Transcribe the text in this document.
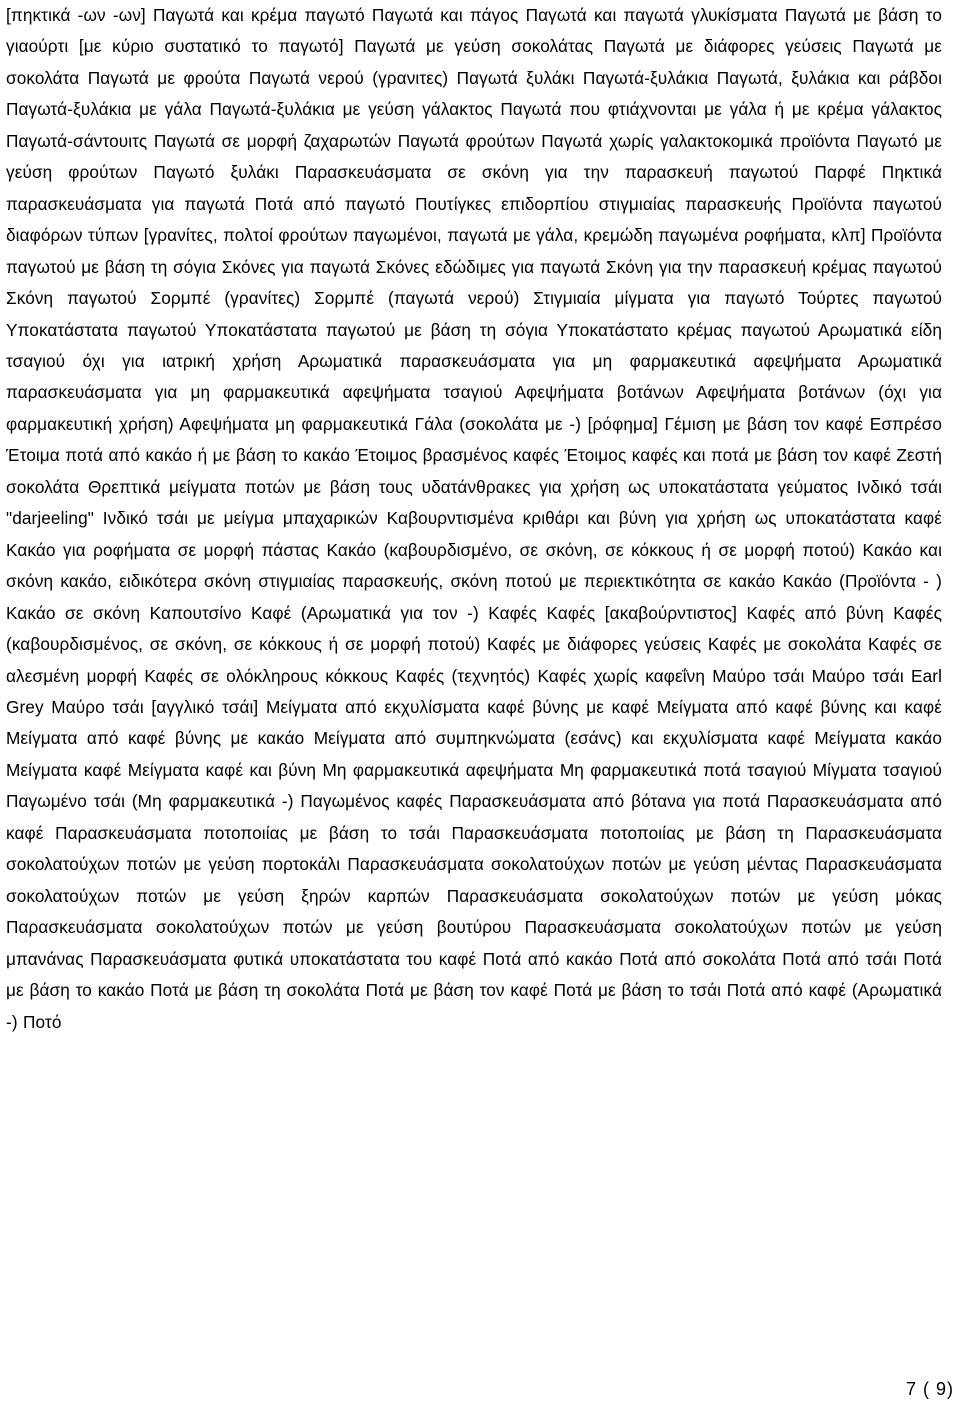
[πηκτικά -ων -ων] Παγωτά και κρέμα παγωτό Παγωτά και πάγος Παγωτά και παγωτά γλυκίσματα Παγωτά με βάση το γιαούρτι [με κύριο συστατικό το παγωτό] Παγωτά με γεύση σοκολάτας Παγωτά με διάφορες γεύσεις Παγωτά με σοκολάτα Παγωτά με φρούτα Παγωτά νερού (γρανιτες) Παγωτά ξυλάκι Παγωτά-ξυλάκια Παγωτά, ξυλάκια και ράβδοι Παγωτά-ξυλάκια με γάλα Παγωτά-ξυλάκια με γεύση γάλακτος Παγωτά που φτιάχνονται με γάλα ή με κρέμα γάλακτος Παγωτά-σάντουιτς Παγωτά σε μορφή ζαχαρωτών Παγωτά φρούτων Παγωτά χωρίς γαλακτοκομικά προϊόντα Παγωτό με γεύση φρούτων Παγωτό ξυλάκι Παρασκευάσματα σε σκόνη για την παρασκευή παγωτού Παρφέ Πηκτικά παρασκευάσματα για παγωτά Ποτά από παγωτό Πουτίγκες επιδορπίου στιγμιαίας παρασκευής Προϊόντα παγωτού διαφόρων τύπων [γρανίτες, πολτοί φρούτων παγωμένοι, παγωτά με γάλα, κρεμώδη παγωμένα ροφήματα, κλπ] Προϊόντα παγωτού με βάση τη σόγια Σκόνες για παγωτά Σκόνες εδώδιμες για παγωτά Σκόνη για την παρασκευή κρέμας παγωτού Σκόνη παγωτού Σορμπέ (γρανίτες) Σορμπέ (παγωτά νερού) Στιγμιαία μίγματα για παγωτό Τούρτες παγωτού Υποκατάστατα παγωτού Υποκατάστατα παγωτού με βάση τη σόγια Υποκατάστατο κρέμας παγωτού Αρωματικά είδη τσαγιού όχι για ιατρική χρήση Αρωματικά παρασκευάσματα για μη φαρμακευτικά αφεψήματα Αρωματικά παρασκευάσματα για μη φαρμακευτικά αφεψήματα τσαγιού Αφεψήματα βοτάνων Αφεψήματα βοτάνων (όχι για φαρμακευτική χρήση) Αφεψήματα μη φαρμακευτικά Γάλα (σοκολάτα με -) [ρόφημα] Γέμιση με βάση τον καφέ Εσπρέσο Έτοιμα ποτά από κακάο ή με βάση το κακάο Έτοιμος βρασμένος καφές Έτοιμος καφές και ποτά με βάση τον καφέ Ζεστή σοκολάτα Θρεπτικά μείγματα ποτών με βάση τους υδατάνθρακες για χρήση ως υποκατάστατα γεύματος Ινδικό τσάι "darjeeling" Ινδικό τσάι με μείγμα μπαχαρικών Καβουρντισμένα κριθάρι και βύνη για χρήση ως υποκατάστατα καφέ Κακάο για ροφήματα σε μορφή πάστας Κακάο (καβουρδισμένο, σε σκόνη, σε κόκκους ή σε μορφή ποτού) Κακάο και σκόνη κακάο, ειδικότερα σκόνη στιγμιαίας παρασκευής, σκόνη ποτού με περιεκτικότητα σε κακάο Κακάο (Προϊόντα - ) Κακάο σε σκόνη Καπουτσίνο Καφέ (Αρωματικά για τον -) Καφές Καφές [ακαβούρντιστος] Καφές από βύνη Καφές (καβουρδισμένος, σε σκόνη, σε κόκκους ή σε μορφή ποτού) Καφές με διάφορες γεύσεις Καφές με σοκολάτα Καφές σε αλεσμένη μορφή Καφές σε ολόκληρους κόκκους Καφές (τεχνητός) Καφές χωρίς καφεΐνη Μαύρο τσάι Μαύρο τσάι Earl Grey Μαύρο τσάι [αγγλικό τσάι] Μείγματα από εκχυλίσματα καφέ βύνης με καφέ Μείγματα από καφέ βύνης και καφέ Μείγματα από καφέ βύνης με κακάο Μείγματα από συμπηκνώματα (εσάνς) και εκχυλίσματα καφέ Μείγματα κακάο Μείγματα καφέ Μείγματα καφέ και βύνη Μη φαρμακευτικά αφεψήματα Μη φαρμακευτικά ποτά τσαγιού Μίγματα τσαγιού Παγωμένο τσάι (Μη φαρμακευτικά -) Παγωμένος καφές Παρασκευάσματα από βότανα για ποτά Παρασκευάσματα από καφέ Παρασκευάσματα ποτοποιίας με βάση το τσάι Παρασκευάσματα ποτοποιίας με βάση τη Παρασκευάσματα σοκολατούχων ποτών με γεύση πορτοκάλι Παρασκευάσματα σοκολατούχων ποτών με γεύση μέντας Παρασκευάσματα σοκολατούχων ποτών με γεύση ξηρών καρπών Παρασκευάσματα σοκολατούχων ποτών με γεύση μόκας Παρασκευάσματα σοκολατούχων ποτών με γεύση βουτύρου Παρασκευάσματα σοκολατούχων ποτών με γεύση μπανάνας Παρασκευάσματα φυτικά υποκατάστατα του καφέ Ποτά από κακάο Ποτά από σοκολάτα Ποτά από τσάι Ποτά με βάση το κακάο Ποτά με βάση τη σοκολάτα Ποτά με βάση τον καφέ Ποτά με βάση το τσάι Ποτά από καφέ (Αρωματικά -) Ποτό
7 ( 9)
